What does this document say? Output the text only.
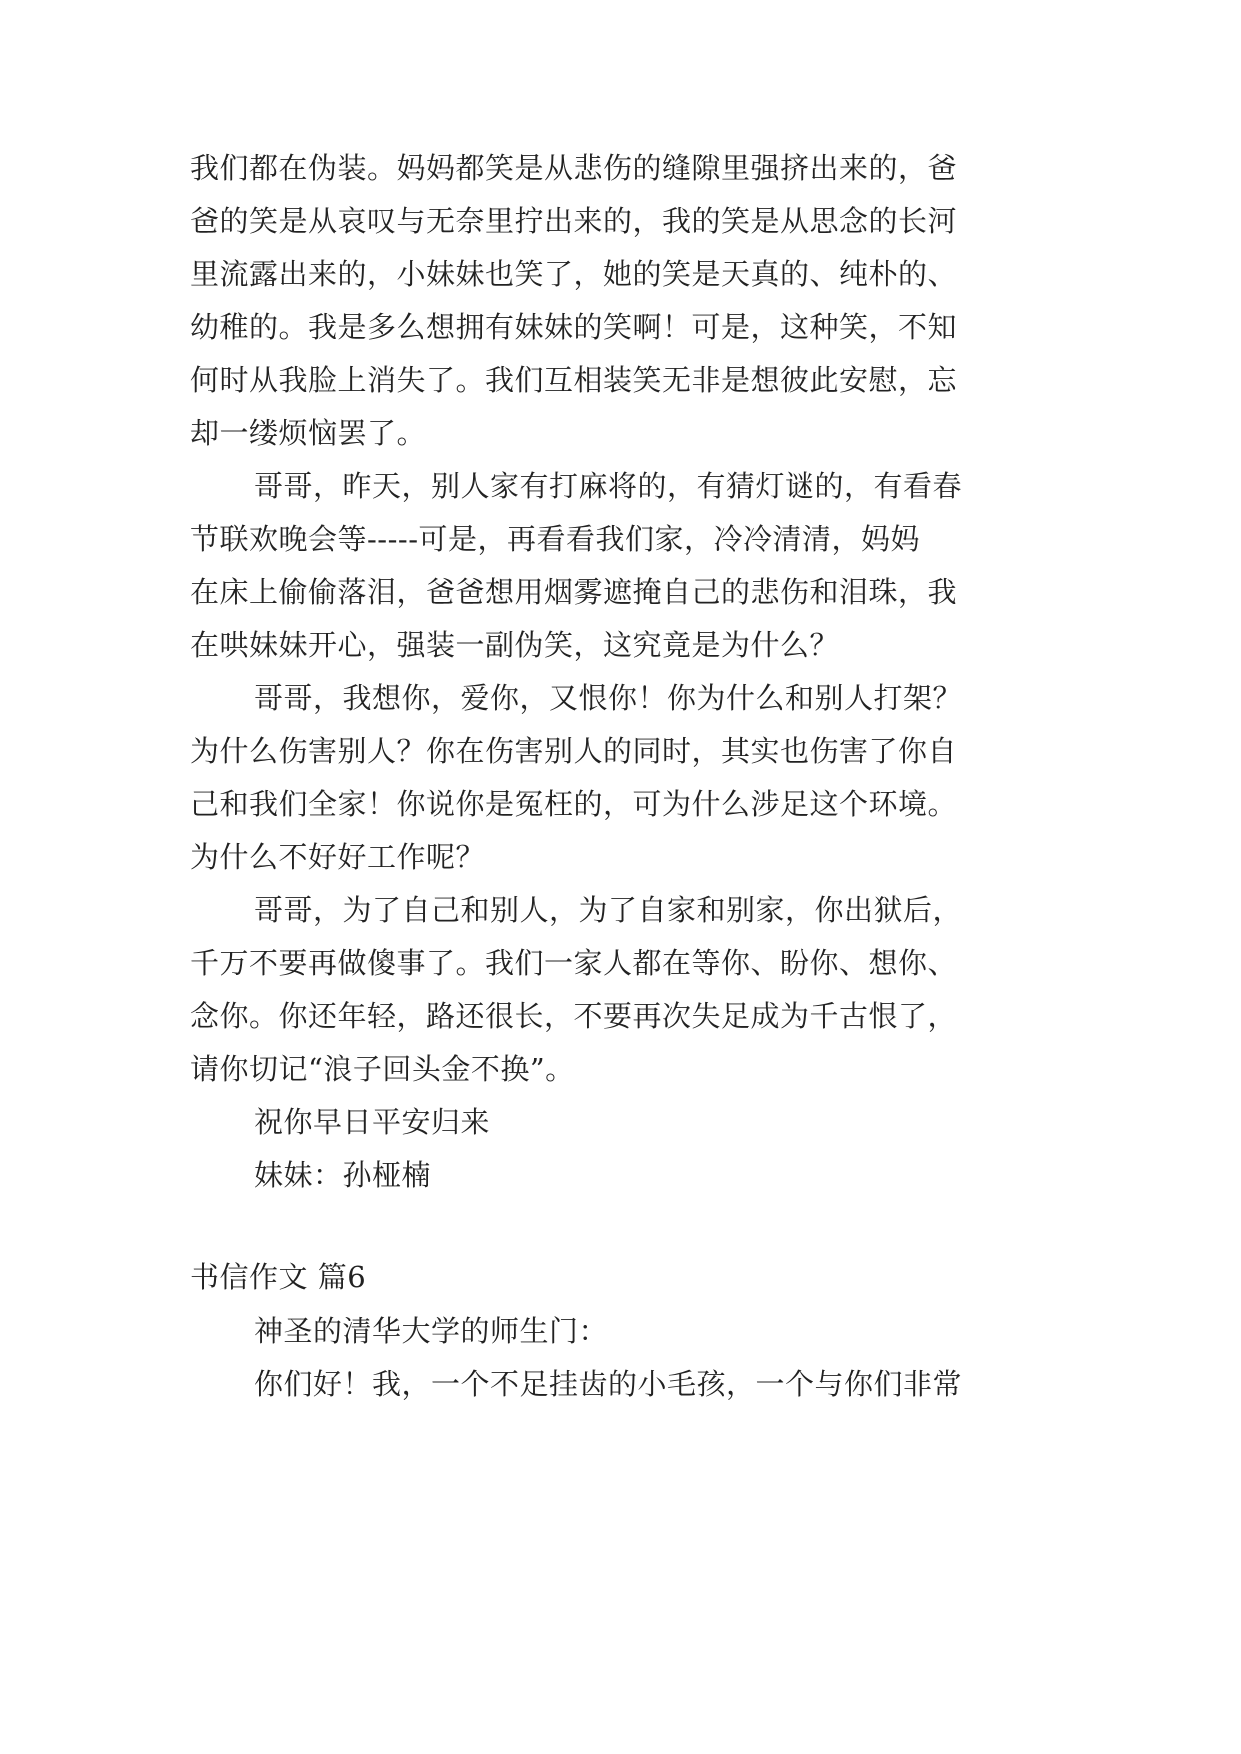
我们都在伪装。妈妈都笑是从悲伤的缝隙里强挤出来的，爸
爸的笑是从哀叹与无奈里拧出来的，我的笑是从思念的长河
里流露出来的，小妹妹也笑了，她的笑是天真的、纯朴的、
幼稚的。我是多么想拥有妹妹的笑啊！可是，这种笑，不知
何时从我脸上消失了。我们互相装笑无非是想彼此安慰，忘
却一缕烦恼罢了。
哥哥，昨天，别人家有打麻将的，有猜灯谜的，有看春
节联欢晚会等-----可是，再看看我们家，冷冷清清，妈妈
在床上偷偷落泪，爸爸想用烟雾遮掩自己的悲伤和泪珠，我
在哄妹妹开心，强装一副伪笑，这究竟是为什么？
哥哥，我想你，爱你，又恨你！你为什么和别人打架？
为什么伤害别人？你在伤害别人的同时，其实也伤害了你自
己和我们全家！你说你是冤枉的，可为什么涉足这个环境。
为什么不好好工作呢？
哥哥，为了自己和别人，为了自家和别家，你出狱后，
千万不要再做傻事了。我们一家人都在等你、盼你、想你、
念你。你还年轻，路还很长，不要再次失足成为千古恨了，
请你切记“浪子回头金不换”。
祝你早日平安归来
妹妹：孙桠楠
书信作文 篇6
神圣的清华大学的师生门：
你们好！我，一个不足挂齿的小毛孩，一个与你们非常
